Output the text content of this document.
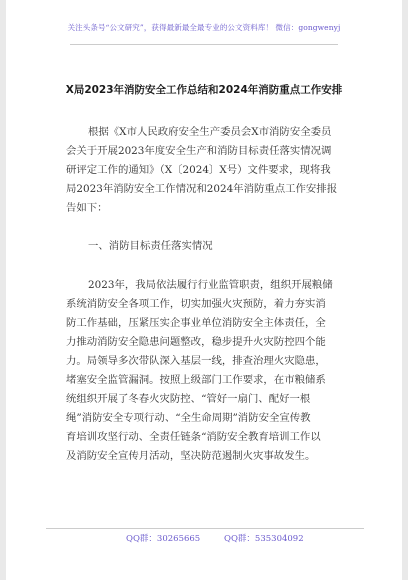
关注头条号“公文研究”，获得最新最全最专业的公文资料库！ 微信：gongwenyj
X局2023年消防安全工作总结和2024年消防重点工作安排
根据《X市人民政府安全生产委员会X市消防安全委员
会关于开展2023年度安全生产和消防目标责任落实情况调
研评定工作的通知》（X〔2024〕X号）文件要求，现将我
局2023年消防安全工作情况和2024年消防重点工作安排报
告如下：
一、消防目标责任落实情况
2023年，我局依法履行行业监管职责，组织开展粮储
系统消防安全各项工作，切实加强火灾预防，着力夯实消
防工作基础，压紧压实企事业单位消防安全主体责任，全
力推动消防安全隐患问题整改，稳步提升火灾防控四个能
力。局领导多次带队深入基层一线，排查治理火灾隐患，
堵塞安全监管漏洞。按照上级部门工作要求，在市粮储系
统组织开展了冬春火灾防控、“管好一扇门、配好一根
绳”消防安全专项行动、“全生命周期”消防安全宣传教
育培训攻坚行动、全责任链条“消防安全教育培训工作以
及消防安全宣传月活动，坚决防范遏制火灾事故发生。
QQ群：30265665	QQ群：535304092
